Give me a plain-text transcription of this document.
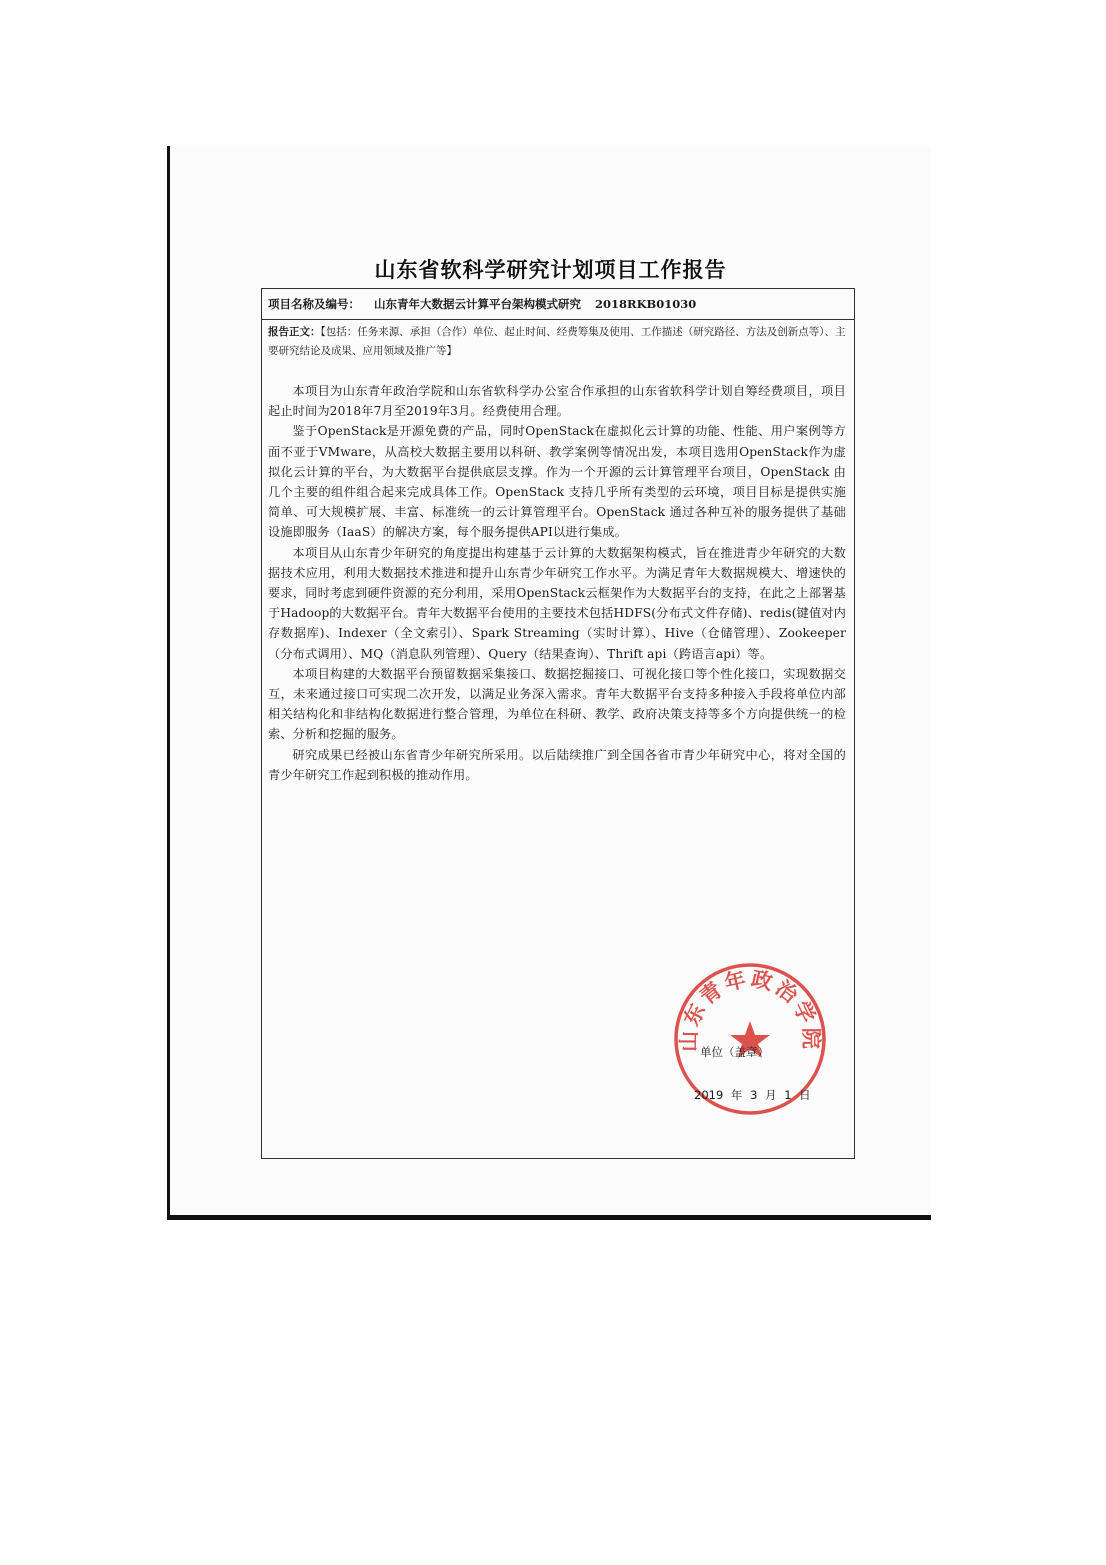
山东省软科学研究计划项目工作报告
项目名称及编号： 山东青年大数据云计算平台架构模式研究 2018RKB01030
报告正文：【包括：任务来源、承担（合作）单位、起止时间、经费筹集及使用、工作描述（研究路径、方法及创新点等）、主要研究结论及成果、应用领域及推广等】

本项目为山东青年政治学院和山东省软科学办公室合作承担的山东省软科学计划自筹经费项目，项目起止时间为2018年7月至2019年3月。经费使用合理。

鉴于OpenStack是开源免费的产品，同时OpenStack在虚拟化云计算的功能、性能、用户案例等方面不亚于VMware，从高校大数据主要用以科研、教学案例等情况出发，本项目选用OpenStack作为虚拟化云计算的平台，为大数据平台提供底层支撑。作为一个开源的云计算管理平台项目，OpenStack 由几个主要的组件组合起来完成具体工作。OpenStack 支持几乎所有类型的云环境，项目目标是提供实施简单、可大规模扩展、丰富、标准统一的云计算管理平台。OpenStack 通过各种互补的服务提供了基础设施即服务（IaaS）的解决方案，每个服务提供API以进行集成。

本项目从山东青少年研究的角度提出构建基于云计算的大数据架构模式，旨在推进青少年研究的大数据技术应用，利用大数据技术推进和提升山东青少年研究工作水平。为满足青年大数据规模大、增速快的要求，同时考虑到硬件资源的充分利用，采用OpenStack云框架作为大数据平台的支持，在此之上部署基于Hadoop的大数据平台。青年大数据平台使用的主要技术包括HDFS(分布式文件存储)、redis(键值对内存数据库)、Indexer（全文索引）、Spark Streaming（实时计算）、Hive（仓储管理）、Zookeeper（分布式调用）、MQ（消息队列管理）、Query（结果查询）、Thrift api（跨语言api）等。

本项目构建的大数据平台预留数据采集接口、数据挖掘接口、可视化接口等个性化接口，实现数据交互，未来通过接口可实现二次开发，以满足业务深入需求。青年大数据平台支持多种接入手段将单位内部相关结构化和非结构化数据进行整合管理，为单位在科研、教学、政府决策支持等多个方向提供统一的检索、分析和挖掘的服务。

研究成果已经被山东省青少年研究所采用。以后陆续推广到全国各省市青少年研究中心，将对全国的青少年研究工作起到积极的推动作用。

山东青年政治学院
单位（盖章）
2019 年 3 月 1 日
